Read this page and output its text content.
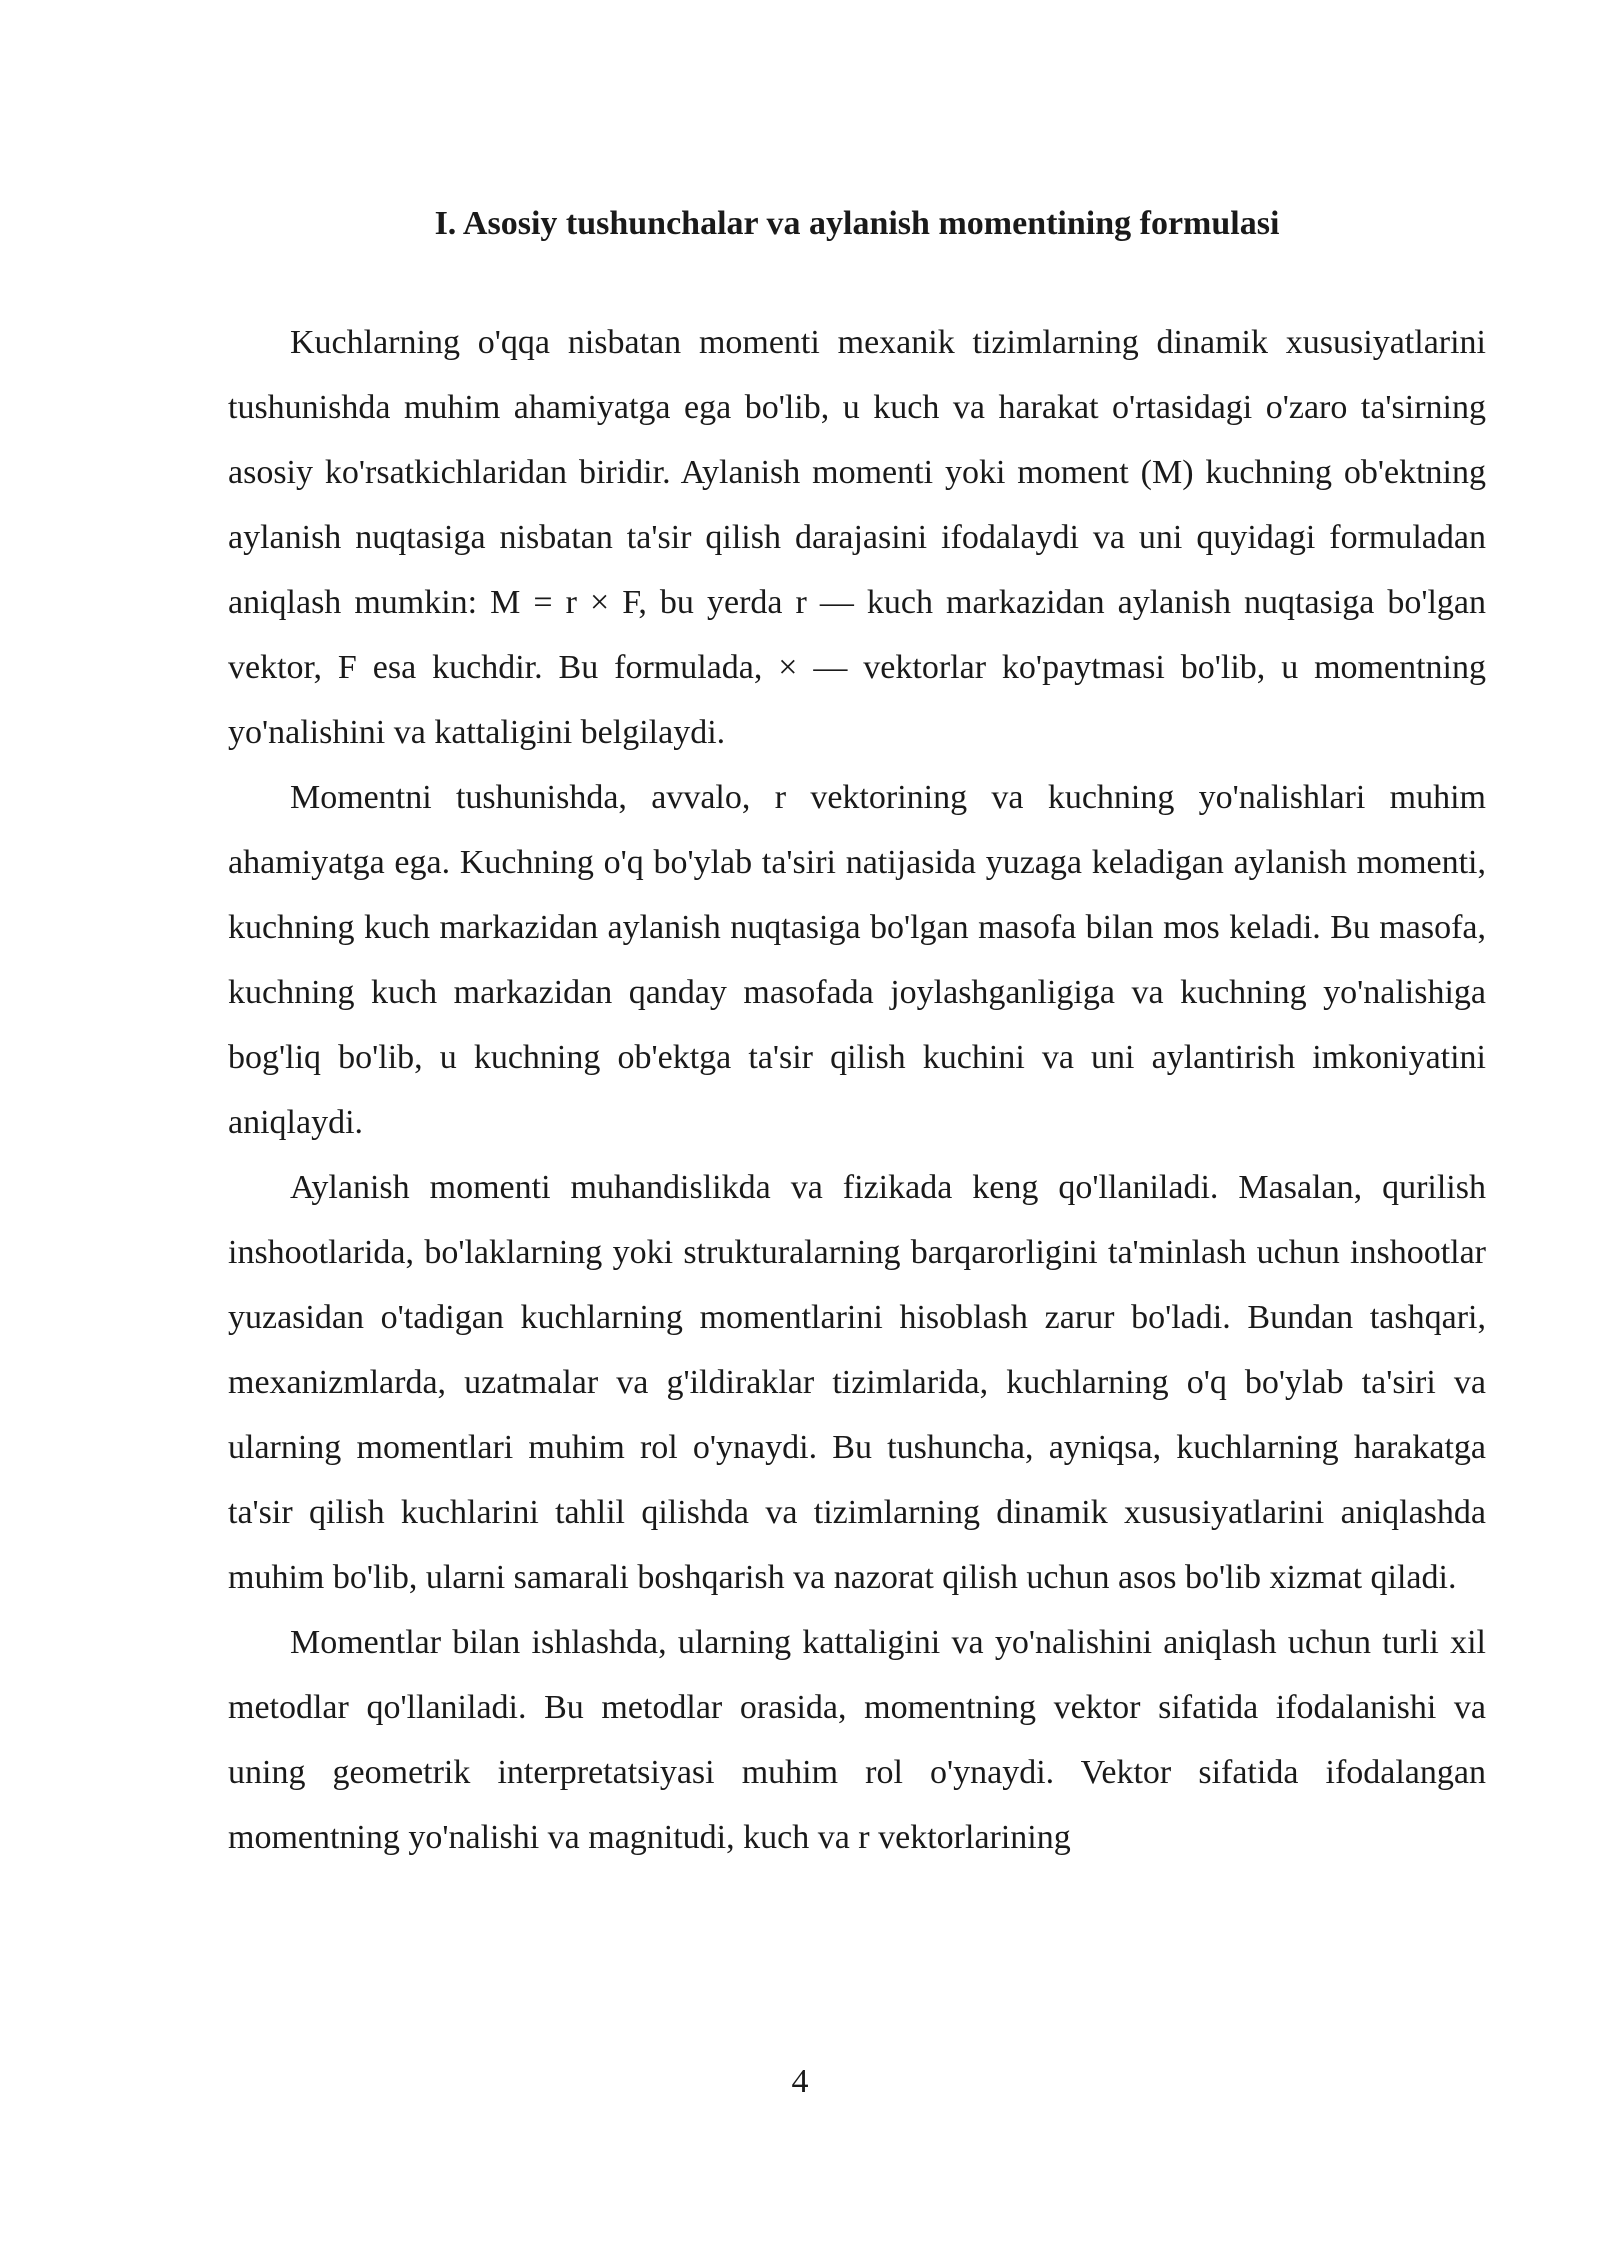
I. Asosiy tushunchalar va aylanish momentining formulasi

Kuchlarning o'qqa nisbatan momenti mexanik tizimlarning dinamik xususiyatlarini tushunishda muhim ahamiyatga ega bo'lib, u kuch va harakat o'rtasidagi o'zaro ta'sirning asosiy ko'rsatkichlaridan biridir. Aylanish momenti yoki moment (M) kuchning ob'ektning aylanish nuqtasiga nisbatan ta'sir qilish darajasini ifodalaydi va uni quyidagi formuladan aniqlash mumkin: M = r × F, bu yerda r — kuch markazidan aylanish nuqtasiga bo'lgan vektor, F esa kuchdir. Bu formulada, × — vektorlar ko'paytmasi bo'lib, u momentning yo'nalishini va kattaligini belgilaydi.

Momentni tushunishda, avvalo, r vektorining va kuchning yo'nalishlari muhim ahamiyatga ega. Kuchning o'q bo'ylab ta'siri natijasida yuzaga keladigan aylanish momenti, kuchning kuch markazidan aylanish nuqtasiga bo'lgan masofa bilan mos keladi. Bu masofa, kuchning kuch markazidan qanday masofada joylashganligiga va kuchning yo'nalishiga bog'liq bo'lib, u kuchning ob'ektga ta'sir qilish kuchini va uni aylantirish imkoniyatini aniqlaydi.

Aylanish momenti muhandislikda va fizikada keng qo'llaniladi. Masalan, qurilish inshootlarida, bo'laklarning yoki strukturalarning barqarorligini ta'minlash uchun inshootlar yuzasidan o'tadigan kuchlarning momentlarini hisoblash zarur bo'ladi. Bundan tashqari, mexanizmlarda, uzatmalar va g'ildiraklar tizimlarida, kuchlarning o'q bo'ylab ta'siri va ularning momentlari muhim rol o'ynaydi. Bu tushuncha, ayniqsa, kuchlarning harakatga ta'sir qilish kuchlarini tahlil qilishda va tizimlarning dinamik xususiyatlarini aniqlashda muhim bo'lib, ularni samarali boshqarish va nazorat qilish uchun asos bo'lib xizmat qiladi.

Momentlar bilan ishlashda, ularning kattaligini va yo'nalishini aniqlash uchun turli xil metodlar qo'llaniladi. Bu metodlar orasida, momentning vektor sifatida ifodalanishi va uning geometrik interpretatsiyasi muhim rol o'ynaydi. Vektor sifatida ifodalangan momentning yo'nalishi va magnitudi, kuch va r vektorlarining

4
